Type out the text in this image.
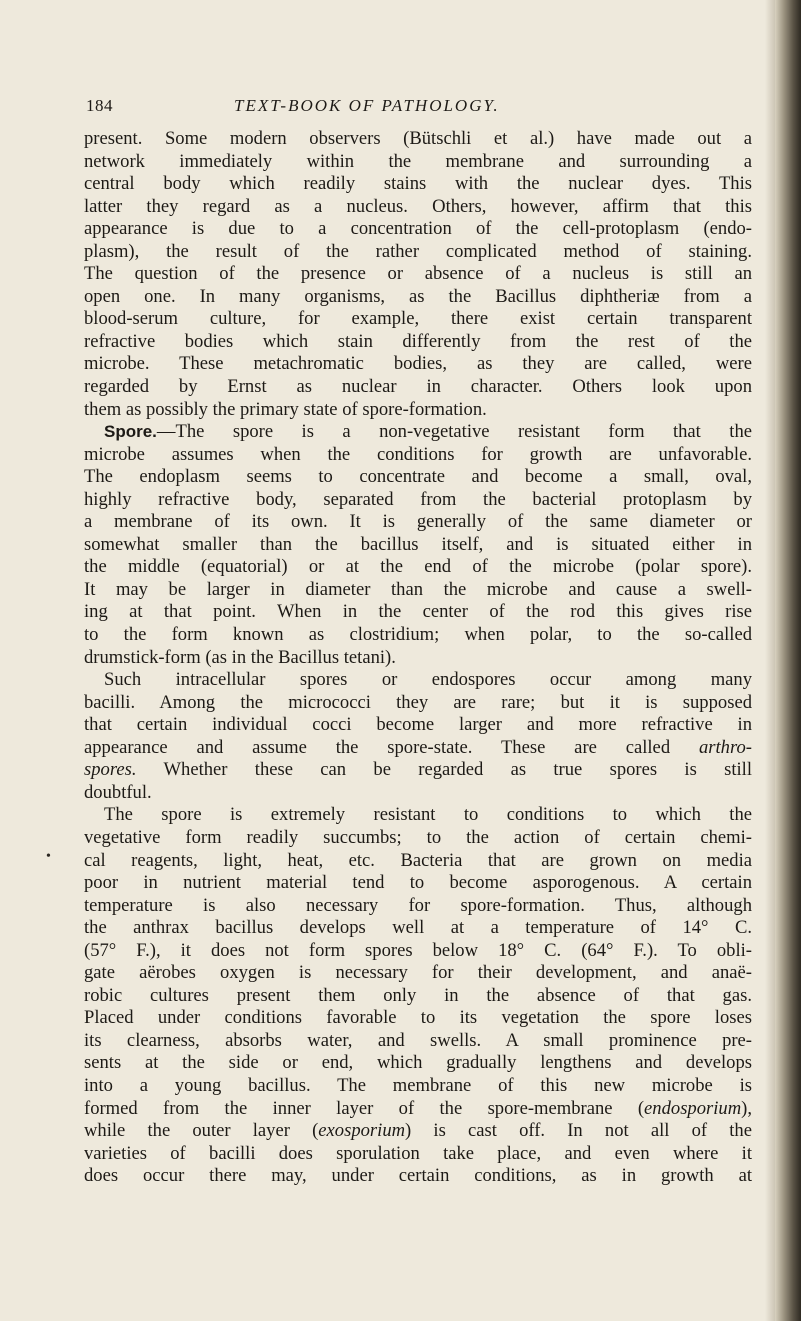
184	TEXT-BOOK OF PATHOLOGY.
•
present. Some modern observers (Bütschli et al.) have made out a
network immediately within the membrane and surrounding a
central body which readily stains with the nuclear dyes. This
latter they regard as a nucleus. Others, however, affirm that this
appearance is due to a concentration of the cell-protoplasm (endo-
plasm), the result of the rather complicated method of staining.
The question of the presence or absence of a nucleus is still an
open one. In many organisms, as the Bacillus diphtheriæ from a
blood-serum culture, for example, there exist certain transparent
refractive bodies which stain differently from the rest of the
microbe. These metachromatic bodies, as they are called, were
regarded by Ernst as nuclear in character. Others look upon
them as possibly the primary state of spore-formation.
Spore.—The spore is a non-vegetative resistant form that the
microbe assumes when the conditions for growth are unfavorable.
The endoplasm seems to concentrate and become a small, oval,
highly refractive body, separated from the bacterial protoplasm by
a membrane of its own. It is generally of the same diameter or
somewhat smaller than the bacillus itself, and is situated either in
the middle (equatorial) or at the end of the microbe (polar spore).
It may be larger in diameter than the microbe and cause a swell-
ing at that point. When in the center of the rod this gives rise
to the form known as clostridium; when polar, to the so-called
drumstick-form (as in the Bacillus tetani).
Such intracellular spores or endospores occur among many
bacilli. Among the micrococci they are rare; but it is supposed
that certain individual cocci become larger and more refractive in
appearance and assume the spore-state. These are called arthro-
spores. Whether these can be regarded as true spores is still
doubtful.
The spore is extremely resistant to conditions to which the
vegetative form readily succumbs; to the action of certain chemi-
cal reagents, light, heat, etc. Bacteria that are grown on media
poor in nutrient material tend to become asporogenous. A certain
temperature is also necessary for spore-formation. Thus, although
the anthrax bacillus develops well at a temperature of 14° C.
(57° F.), it does not form spores below 18° C. (64° F.). To obli-
gate aërobes oxygen is necessary for their development, and anaë-
robic cultures present them only in the absence of that gas.
Placed under conditions favorable to its vegetation the spore loses
its clearness, absorbs water, and swells. A small prominence pre-
sents at the side or end, which gradually lengthens and develops
into a young bacillus. The membrane of this new microbe is
formed from the inner layer of the spore-membrane (endosporium),
while the outer layer (exosporium) is cast off. In not all of the
varieties of bacilli does sporulation take place, and even where it
does occur there may, under certain conditions, as in growth at
